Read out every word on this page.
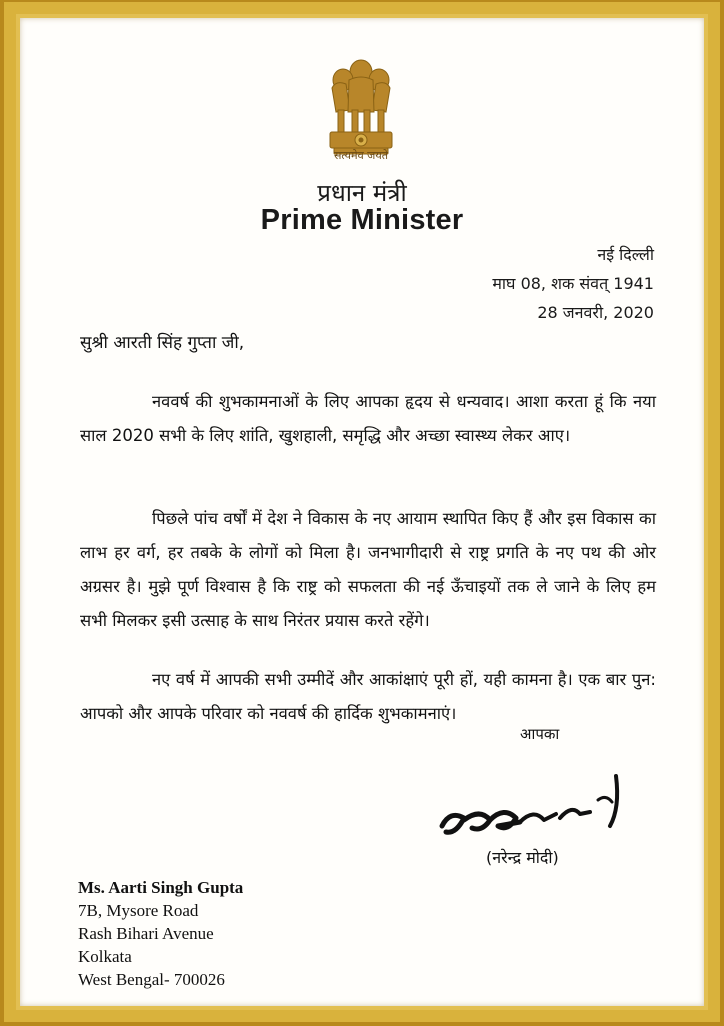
सत्यमेव जयते
प्रधान मंत्री
Prime Minister
नई दिल्ली
माघ 08, शक संवत् 1941
28 जनवरी, 2020
सुश्री आरती सिंह गुप्ता जी,

नववर्ष की शुभकामनाओं के लिए आपका हृदय से धन्यवाद। आशा करता हूं कि नया साल 2020 सभी के लिए शांति, खुशहाली, समृद्धि और अच्छा स्वास्थ्य लेकर आए।

पिछले पांच वर्षों में देश ने विकास के नए आयाम स्थापित किए हैं और इस विकास का लाभ हर वर्ग, हर तबके के लोगों को मिला है। जनभागीदारी से राष्ट्र प्रगति के नए पथ की ओर अग्रसर है। मुझे पूर्ण विश्वास है कि राष्ट्र को सफलता की नई ऊँचाइयों तक ले जाने के लिए हम सभी मिलकर इसी उत्साह के साथ निरंतर प्रयास करते रहेंगे।

नए वर्ष में आपकी सभी उम्मीदें और आकांक्षाएं पूरी हों, यही कामना है। एक बार पुन: आपको और आपके परिवार को नववर्ष की हार्दिक शुभकामनाएं।

आपका
(नरेन्द्र मोदी)
Ms. Aarti Singh Gupta
7B, Mysore Road
Rash Bihari Avenue
Kolkata
West Bengal- 700026
